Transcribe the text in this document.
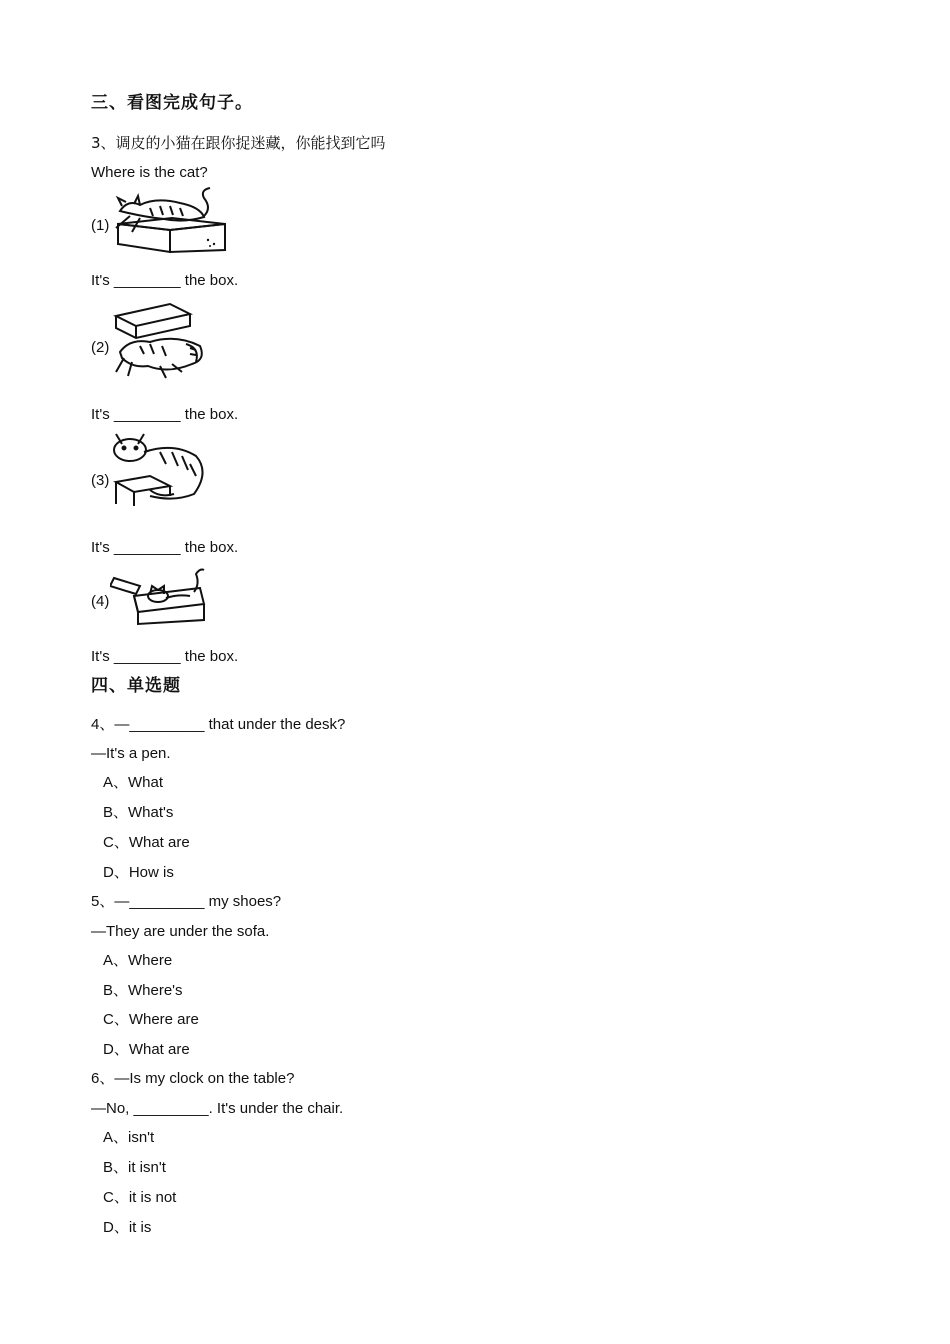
三、看图完成句子。
3、调皮的小猫在跟你捉迷藏，你能找到它吗
Where is the cat?
(1)
It's ________ the box.
(2)
It's ________ the box.
(3)
It's ________ the box.
(4)
It's ________ the box.
四、单选题
4、—_________ that under the desk?
—It's a pen.
A、What
B、What's
C、What are
D、How is
5、—_________ my shoes?
—They are under the sofa.
A、Where
B、Where's
C、Where are
D、What are
6、—Is my clock on the table?
—No, _________. It's under the chair.
A、isn't
B、it isn't
C、it is not
D、it is
